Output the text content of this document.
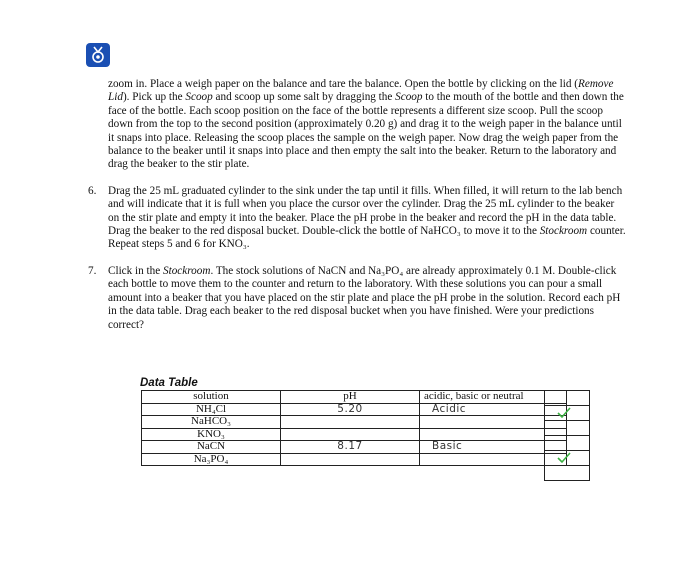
zoom in. Place a weigh paper on the balance and tare the balance. Open the bottle by clicking on the lid (Remove Lid). Pick up the Scoop and scoop up some salt by dragging the Scoop to the mouth of the bottle and then down the face of the bottle. Each scoop position on the face of the bottle represents a different size scoop. Pull the scoop down from the top to the second position (approximately 0.20 g) and drag it to the weigh paper in the balance until it snaps into place. Releasing the scoop places the sample on the weigh paper. Now drag the weigh paper from the balance to the beaker until it snaps into place and then empty the salt into the beaker. Return to the laboratory and drag the beaker to the stir plate.

6. Drag the 25 mL graduated cylinder to the sink under the tap until it fills. When filled, it will return to the lab bench and will indicate that it is full when you place the cursor over the cylinder. Drag the 25 mL cylinder to the beaker on the stir plate and empty it into the beaker. Place the pH probe in the beaker and record the pH in the data table. Drag the beaker to the red disposal bucket. Double-click the bottle of NaHCO₃ to move it to the Stockroom counter. Repeat steps 5 and 6 for KNO₃.
7. Click in the Stockroom. The stock solutions of NaCN and Na₃PO₄ are already approximately 0.1 M. Double-click each bottle to move them to the counter and return to the laboratory. With these solutions you can pour a small amount into a beaker that you have placed on the stir plate and place the pH probe in the solution. Record each pH in the data table. Drag each beaker to the red disposal bucket when you have finished. Were your predictions correct?
Data Table
solution	pH	acidic, basic or neutral
NH₄Cl	5.20	Acidic
NaHCO₃		
KNO₃		
NaCN	8.17	Basic
Na₃PO₄		
